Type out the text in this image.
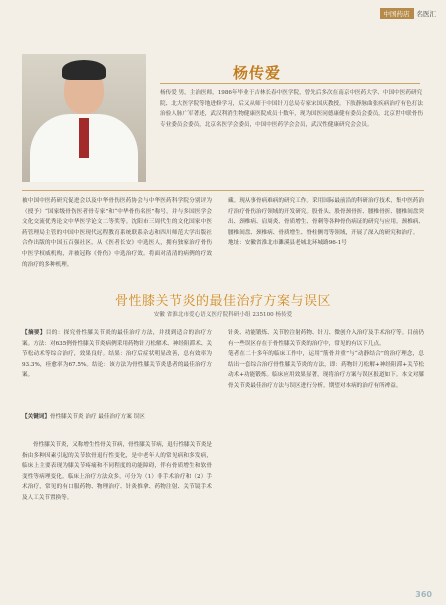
中国药店	名医汇
杨传爱
杨传爱 男，主治医师，1986年毕业于吉林长春中医学院，曾先后多次在南京中医药大学、中国中医药研究院、北大医学院等地进修学习，后又从师于中国针刀总局专家宋国庆教授。下肢静脉曲张疾病治疗有色打法治验人脉广军著述，武汉利消生物健康医院成员十数年，现为国医同德康健有委员会委员，北京世中联骨伤专业委员会委员，北京名医学会委员，中国中医药学会会员，武汉性健康研究会会员。
被中国中医药研究促进会以及中华骨伤医药协会与中华医药科学院分别评为（授予）“国家级骨伤医者骨专家”和“中华骨伤名医”称号，并与多国医学会文化交流优秀论文中华医学论文二等奖等。沈阳市三周代生的文化国家中医药管理局主管的中国中医现代远程教育系统联系杂志和四川师范大学出版社合作出版的中国五百强社区，从《医者长安》中选医人，拥有独家治疗骨伤中医学权威机构，并被冠称《骨伤》中选治疗效。将面对清清的病例的疗效的治疗的多种机理。
藏。现从事骨病难病的研究工作。采用国际最前沿的科研治疗技术，集中医药治疗治疗骨伤治疗领域的开发研究。股骨头、股骨颈骨折、腰椎骨折、腰椎间盘突出、颈椎病、肩周炎、骨质增生、骨刺等各种骨伤病证的研究与应用。颈椎病、腰椎间盘、颈椎病、骨质增生、脊柱侧弯等领域，开展了深入的研究和治疗。
地址：安徽省淮北市濉溪县老城北环城路96-1号
骨性膝关节炎的最佳治疗方案与误区
安徽 省淮北市爱心语义医疗院科研小组 235100 杨传爱
【摘要】目的：探究骨性膝关节炎的最佳治疗方法，并找到适合的治疗方案。方法：对635例骨性膝关节炎病例采用药物针刀松解术、神经阻滞术、关节松动术等综合治疗，效果良好。结果：治疗后症状明显改善，总有效率为93.3%，痊愈率为67.5%。结论：该方法为骨性膝关节炎患者的最佳治疗方案。
【关键词】骨性膝关节炎 治疗 最佳治疗方案 误区
骨性膝关节炎，又称增生性骨关节病，骨性膝关节病，退行性膝关节炎是指由多种因素引起的关节软骨退行性变化，是中老年人的常见病和多发病，临床上主要表现为膝关节疼痛和不同程度的功能障碍，伴有骨质增生和软骨变性等病理变化。临床上治疗方法众多，可分为（1）非手术治疗和（2）手术治疗，常见的有口服药物、物理治疗、针灸推拿、药物注射、关节镜手术及人工关节置换等。
针灸、功能锻炼、关节腔注射药物、针刀、微创介入治疗及手术治疗等。目前仍有一些误区存在于骨性膝关节炎的治疗中，常见的有以下几点。
笔者在二十多年的临床工作中，运用“筋骨并重”与“动静结合”的治疗理念，总结出一套综合治疗骨性膝关节炎的方法，即：药物针刀松解+神经阻滞+关节松动术+功能锻炼。临床应用效果显著，现将治疗方案与误区报道如下。本文对膝骨关节炎最佳治疗方法与误区进行分析，期望对本病的治疗有所裨益。
360
